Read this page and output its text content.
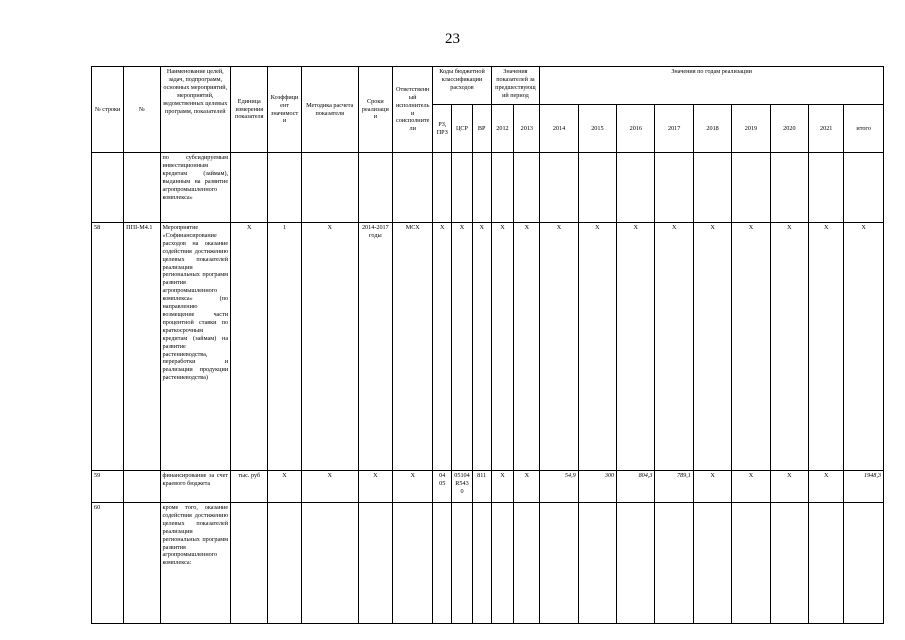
23
№ строки	№	Наименование целей, задач, подпрограмм, основных мероприятий, мероприятий, ведомственных целевых программ, показателей	Единица измерения показателя	Коэффициент значимости	Методика расчета показателя	Сроки реализации	Ответственный исполнитель и соисполнители	Коды бюджетной классификации расходов			Значения показателей за предшествующий период		Значения по годам реализации								
								РЗ, ПРЗ	ЦСР	ВР	2012	2013	2014	2015	2016	2017	2018	2019	2020	2021	итого
		по субсидируемым инвестиционным кредитам (займам), выданным на развитие агропромышленного комплекса»																			
58	ППI-М4.1	Мероприятие «Софинансирование расходов на оказание содействия достижению целевых показателей реализации региональных программ развития агропромышленного комплекса» (по направлению возмещение части процентной ставки по краткосрочным кредитам (займам) на развитие растениеводства, переработки и реализации продукции растениеводства)	Х	1	Х	2014-2017 годы	МСХ	Х	Х	Х	Х	Х	Х	Х	Х	Х	Х	Х	Х	Х	Х
59		финансирование за счет краевого бюджета	тыс. руб	Х	Х	Х	Х	04 05	05104 R5430	811	Х	Х	54,9	300	804,3	789,1	Х	Х	Х	Х	1948,3
60		кроме того, оказание содействия достижению целевых показателей реализации региональных программ развития агропромышленного комплекса:																			
